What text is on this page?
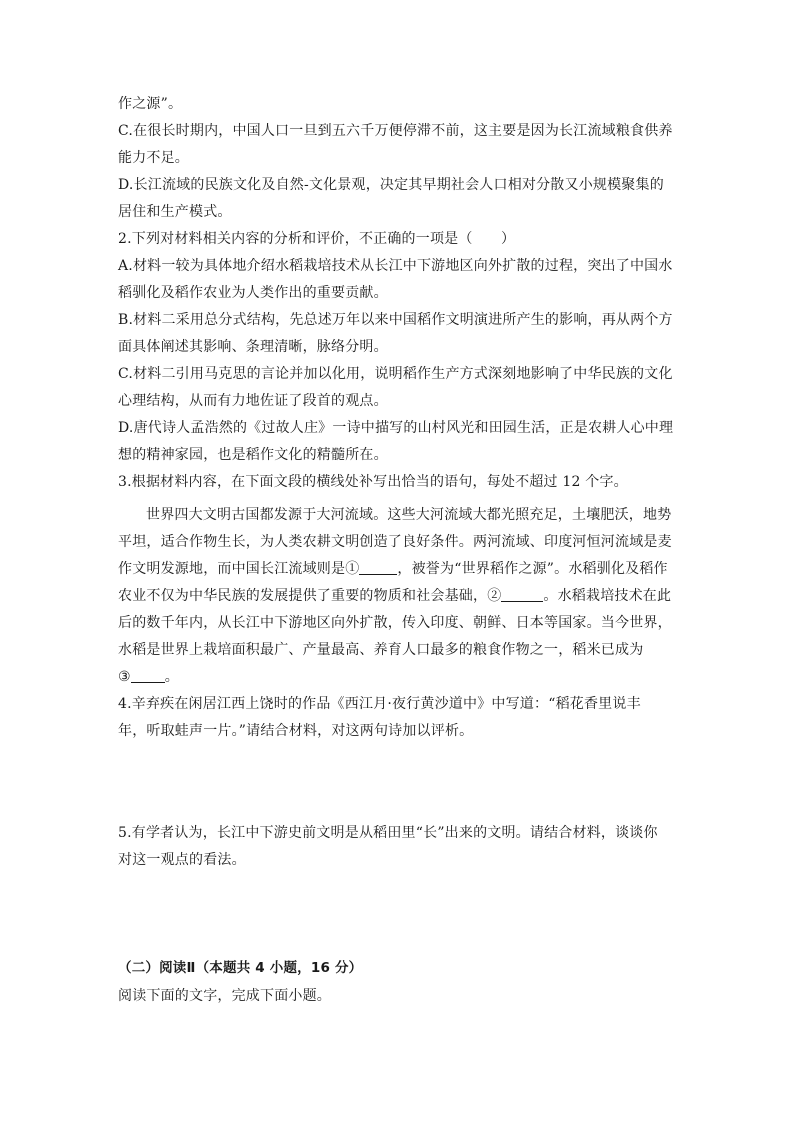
作之源”。
C.在很长时期内，中国人口一旦到五六千万便停滞不前，这主要是因为长江流域粮食供养
能力不足。
D.长江流域的民族文化及自然-文化景观，决定其早期社会人口相对分散又小规模聚集的
居住和生产模式。
2.下列对材料相关内容的分析和评价，不正确的一项是（　　）
A.材料一较为具体地介绍水稻栽培技术从长江中下游地区向外扩散的过程，突出了中国水
稻驯化及稻作农业为人类作出的重要贡献。
B.材料二采用总分式结构，先总述万年以来中国稻作文明演进所产生的影响，再从两个方
面具体阐述其影响、条理清晰，脉络分明。
C.材料二引用马克思的言论并加以化用，说明稻作生产方式深刻地影响了中华民族的文化
心理结构，从而有力地佐证了段首的观点。
D.唐代诗人孟浩然的《过故人庄》一诗中描写的山村风光和田园生活，正是农耕人心中理
想的精神家园，也是稻作文化的精髓所在。
3.根据材料内容，在下面文段的横线处补写出恰当的语句，每处不超过 12 个字。
世界四大文明古国都发源于大河流域。这些大河流域大都光照充足，土壤肥沃，地势
平坦，适合作物生长，为人类农耕文明创造了良好条件。两河流域、印度河恒河流域是麦
作文明发源地，而中国长江流域则是①	，被誉为“世界稻作之源”。水稻驯化及稻作
农业不仅为中华民族的发展提供了重要的物质和社会基础，②	。水稻栽培技术在此
后的数千年内，从长江中下游地区向外扩散，传入印度、朝鲜、日本等国家。当今世界，
水稻是世界上栽培面积最广、产量最高、养育人口最多的粮食作物之一，稻米已成为
③ 。
4.辛弃疾在闲居江西上饶时的作品《西江月·夜行黄沙道中》中写道：“稻花香里说丰
年，听取蛙声一片。”请结合材料，对这两句诗加以评析。
5.有学者认为，长江中下游史前文明是从稻田里“长”出来的文明。请结合材料，谈谈你
对这一观点的看法。
（二）阅读Ⅱ（本题共 4 小题，16 分）
阅读下面的文字，完成下面小题。
